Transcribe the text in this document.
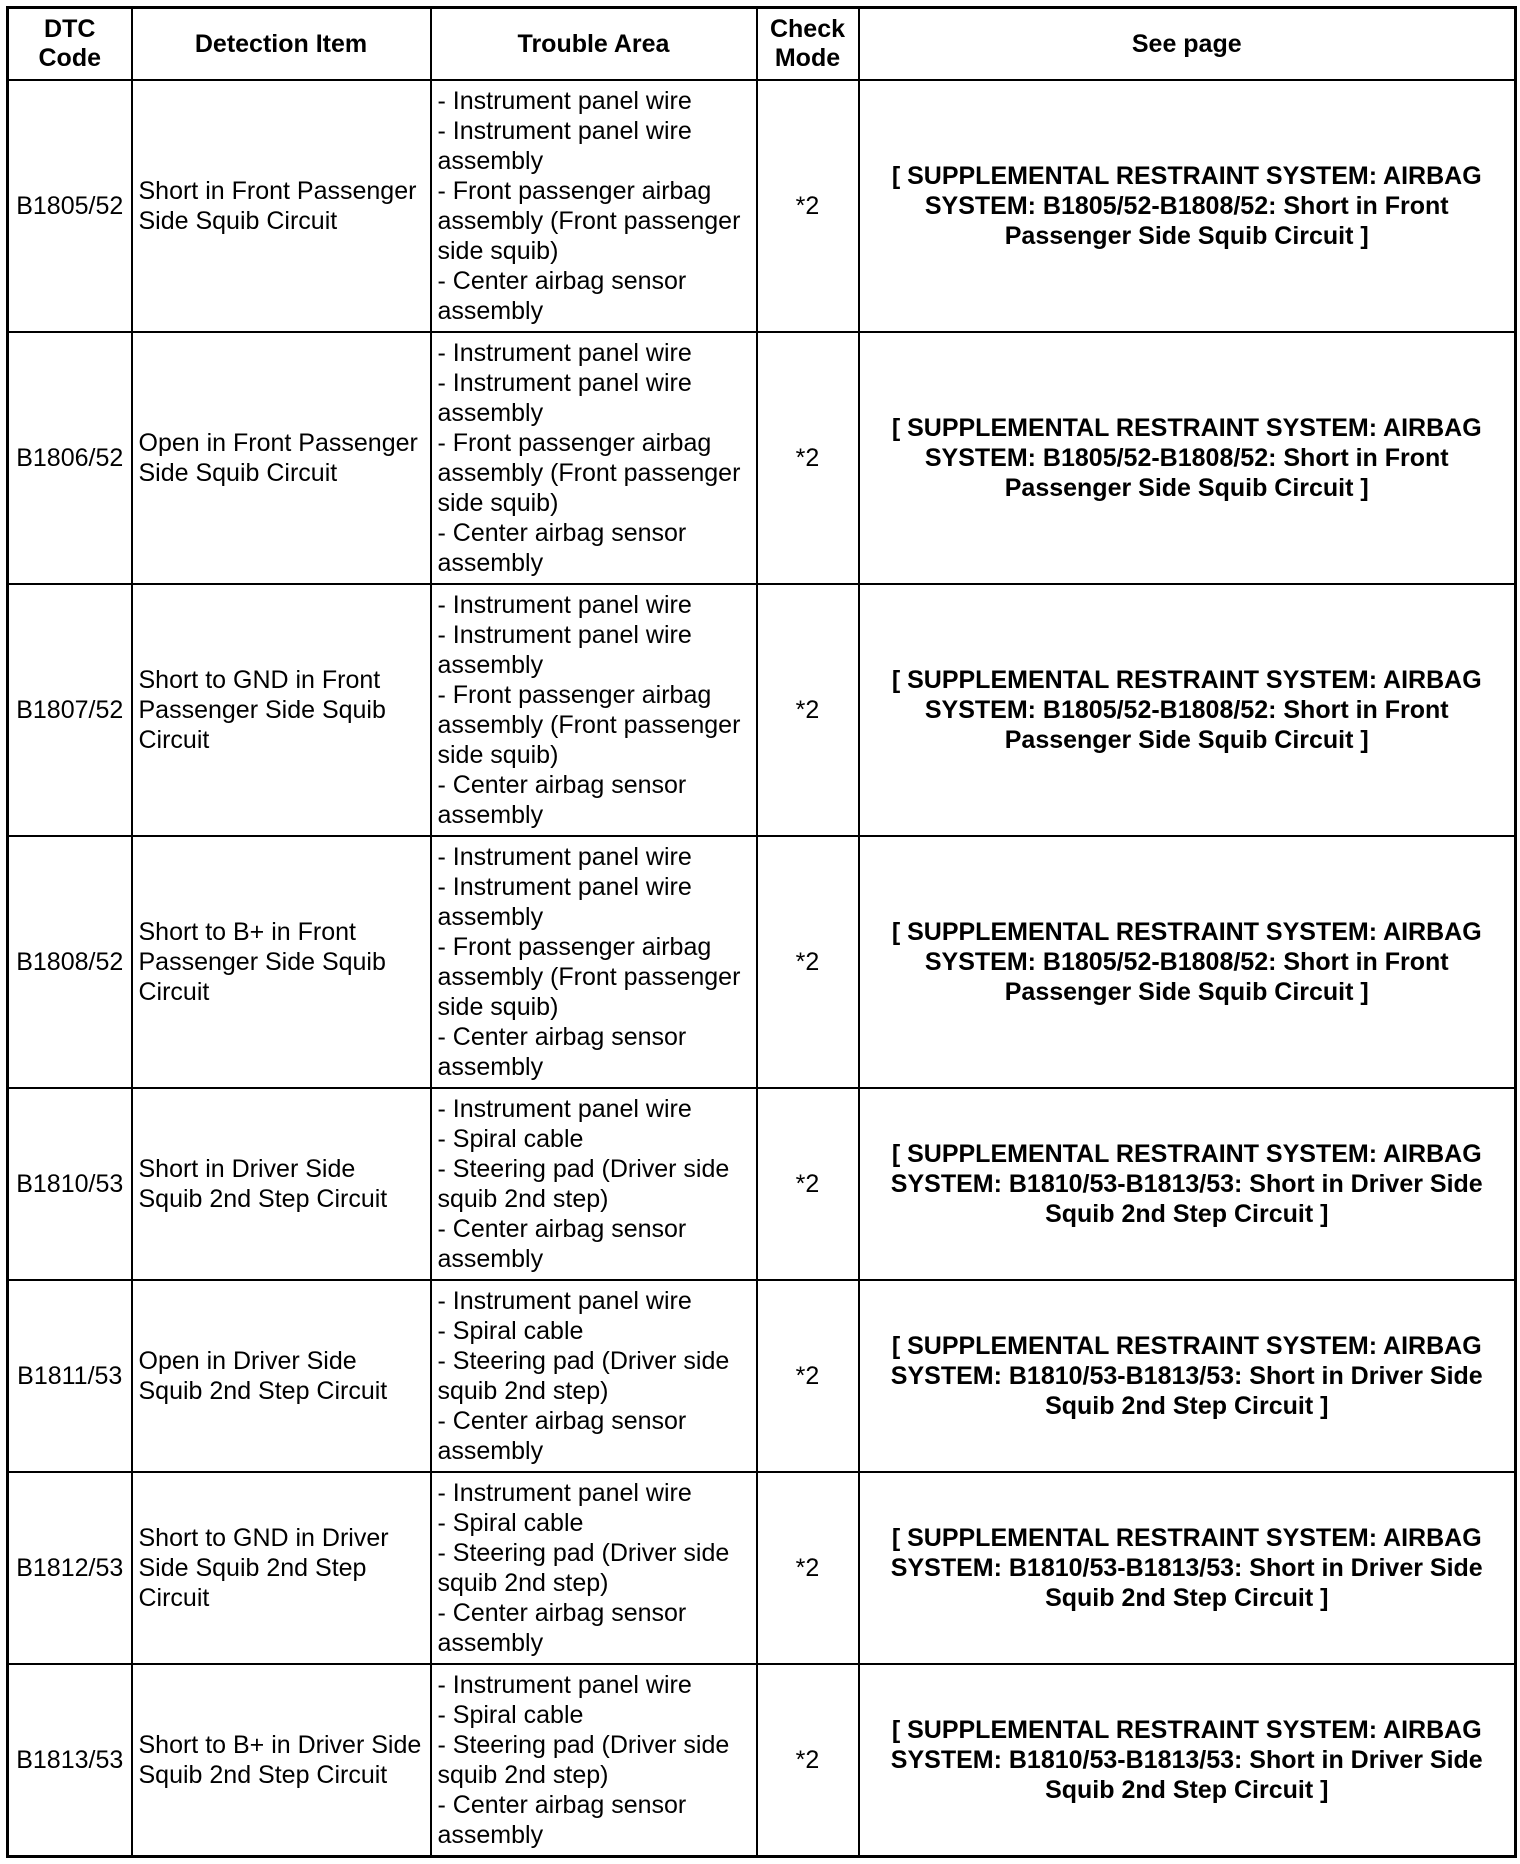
DTC Code	Detection Item	Trouble Area	Check Mode	See page
B1805/52	Short in Front Passenger Side Squib Circuit	- Instrument panel wire
- Instrument panel wire assembly
- Front passenger airbag assembly (Front passenger side squib)
- Center airbag sensor assembly	*2	[ SUPPLEMENTAL RESTRAINT SYSTEM: AIRBAG SYSTEM: B1805/52-B1808/52: Short in Front Passenger Side Squib Circuit ]
B1806/52	Open in Front Passenger Side Squib Circuit	- Instrument panel wire
- Instrument panel wire assembly
- Front passenger airbag assembly (Front passenger side squib)
- Center airbag sensor assembly	*2	[ SUPPLEMENTAL RESTRAINT SYSTEM: AIRBAG SYSTEM: B1805/52-B1808/52: Short in Front Passenger Side Squib Circuit ]
B1807/52	Short to GND in Front Passenger Side Squib Circuit	- Instrument panel wire
- Instrument panel wire assembly
- Front passenger airbag assembly (Front passenger side squib)
- Center airbag sensor assembly	*2	[ SUPPLEMENTAL RESTRAINT SYSTEM: AIRBAG SYSTEM: B1805/52-B1808/52: Short in Front Passenger Side Squib Circuit ]
B1808/52	Short to B+ in Front Passenger Side Squib Circuit	- Instrument panel wire
- Instrument panel wire assembly
- Front passenger airbag assembly (Front passenger side squib)
- Center airbag sensor assembly	*2	[ SUPPLEMENTAL RESTRAINT SYSTEM: AIRBAG SYSTEM: B1805/52-B1808/52: Short in Front Passenger Side Squib Circuit ]
B1810/53	Short in Driver Side Squib 2nd Step Circuit	- Instrument panel wire
- Spiral cable
- Steering pad (Driver side squib 2nd step)
- Center airbag sensor assembly	*2	[ SUPPLEMENTAL RESTRAINT SYSTEM: AIRBAG SYSTEM: B1810/53-B1813/53: Short in Driver Side Squib 2nd Step Circuit ]
B1811/53	Open in Driver Side Squib 2nd Step Circuit	- Instrument panel wire
- Spiral cable
- Steering pad (Driver side squib 2nd step)
- Center airbag sensor assembly	*2	[ SUPPLEMENTAL RESTRAINT SYSTEM: AIRBAG SYSTEM: B1810/53-B1813/53: Short in Driver Side Squib 2nd Step Circuit ]
B1812/53	Short to GND in Driver Side Squib 2nd Step Circuit	- Instrument panel wire
- Spiral cable
- Steering pad (Driver side squib 2nd step)
- Center airbag sensor assembly	*2	[ SUPPLEMENTAL RESTRAINT SYSTEM: AIRBAG SYSTEM: B1810/53-B1813/53: Short in Driver Side Squib 2nd Step Circuit ]
B1813/53	Short to B+ in Driver Side Squib 2nd Step Circuit	- Instrument panel wire
- Spiral cable
- Steering pad (Driver side squib 2nd step)
- Center airbag sensor assembly	*2	[ SUPPLEMENTAL RESTRAINT SYSTEM: AIRBAG SYSTEM: B1810/53-B1813/53: Short in Driver Side Squib 2nd Step Circuit ]
